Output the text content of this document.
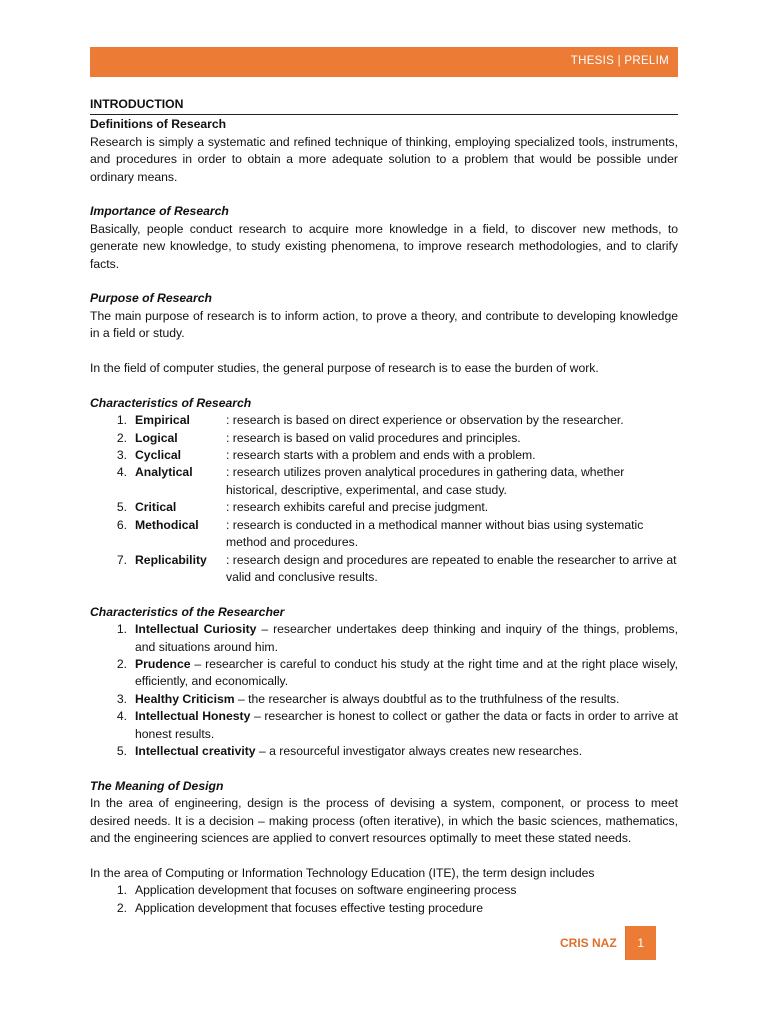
THESIS | PRELIM
INTRODUCTION
Definitions of Research

Research is simply a systematic and refined technique of thinking, employing specialized tools, instruments, and procedures in order to obtain a more adequate solution to a problem that would be possible under ordinary means.

Importance of Research

Basically, people conduct research to acquire more knowledge in a field, to discover new methods, to generate new knowledge, to study existing phenomena, to improve research methodologies, and to clarify facts.

Purpose of Research

The main purpose of research is to inform action, to prove a theory, and contribute to developing knowledge in a field or study.

In the field of computer studies, the general purpose of research is to ease the burden of work.

Characteristics of Research
1. Empirical	: research is based on direct experience or observation by the researcher.
2. Logical	: research is based on valid procedures and principles.
3. Cyclical	: research starts with a problem and ends with a problem.
4. Analytical	: research utilizes proven analytical procedures in gathering data, whether historical, descriptive, experimental, and case study.
5. Critical	: research exhibits careful and precise judgment.
6. Methodical	: research is conducted in a methodical manner without bias using systematic method and procedures.
7. Replicability	: research design and procedures are repeated to enable the researcher to arrive at valid and conclusive results.
Characteristics of the Researcher
1. Intellectual Curiosity – researcher undertakes deep thinking and inquiry of the things, problems, and situations around him.
2. Prudence – researcher is careful to conduct his study at the right time and at the right place wisely, efficiently, and economically.
3. Healthy Criticism – the researcher is always doubtful as to the truthfulness of the results.
4. Intellectual Honesty – researcher is honest to collect or gather the data or facts in order to arrive at honest results.
5. Intellectual creativity – a resourceful investigator always creates new researches.
The Meaning of Design

In the area of engineering, design is the process of devising a system, component, or process to meet desired needs. It is a decision – making process (often iterative), in which the basic sciences, mathematics, and the engineering sciences are applied to convert resources optimally to meet these stated needs.

In the area of Computing or Information Technology Education (ITE), the term design includes

1. Application development that focuses on software engineering process
2. Application development that focuses effective testing procedure
CRIS NAZ	1
